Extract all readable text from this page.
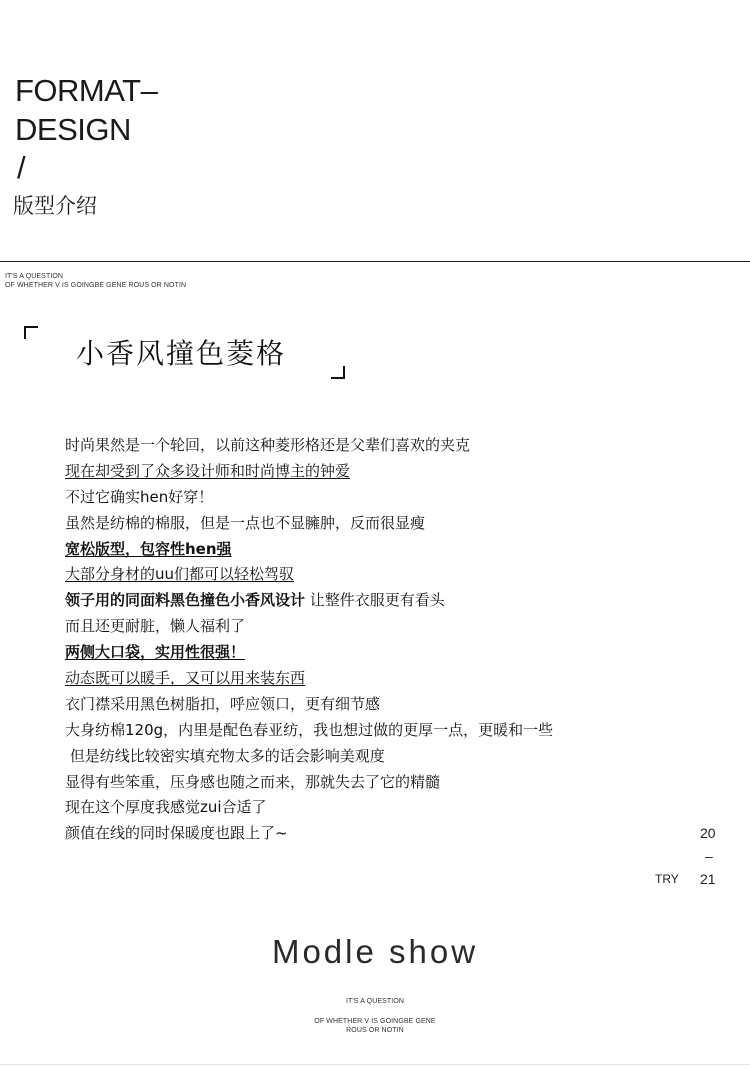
FORMAT–
DESIGN
/
版型介绍
IT'S A QUESTION
OF WHETHER V IS GOINGBE GENE ROUS OR NOTIN
小香风撞色菱格
时尚果然是一个轮回，以前这种菱形格还是父辈们喜欢的夹克
现在却受到了众多设计师和时尚博主的钟爱
不过它确实hen好穿！
虽然是纺棉的棉服，但是一点也不显臃肿，反而很显瘦
宽松版型，包容性hen强
大部分身材的uu们都可以轻松驾驭
领子用的同面料黑色撞色小香风设计 让整件衣服更有看头
而且还更耐脏，懒人福利了
两侧大口袋，实用性很强！
动态既可以暖手，又可以用来装东西
衣门襟采用黑色树脂扣，呼应领口，更有细节感
大身纺棉120g，内里是配色春亚纺，我也想过做的更厚一点，更暖和一些
但是纺线比较密实填充物太多的话会影响美观度
显得有些笨重，压身感也随之而来，那就失去了它的精髓
现在这个厚度我感觉zui合适了
颜值在线的同时保暖度也跟上了~	20
–
TRY 21
Modle show
IT'S A QUESTION
OF WHETHER V IS GOINGBE GENE
ROUS OR NOTIN
